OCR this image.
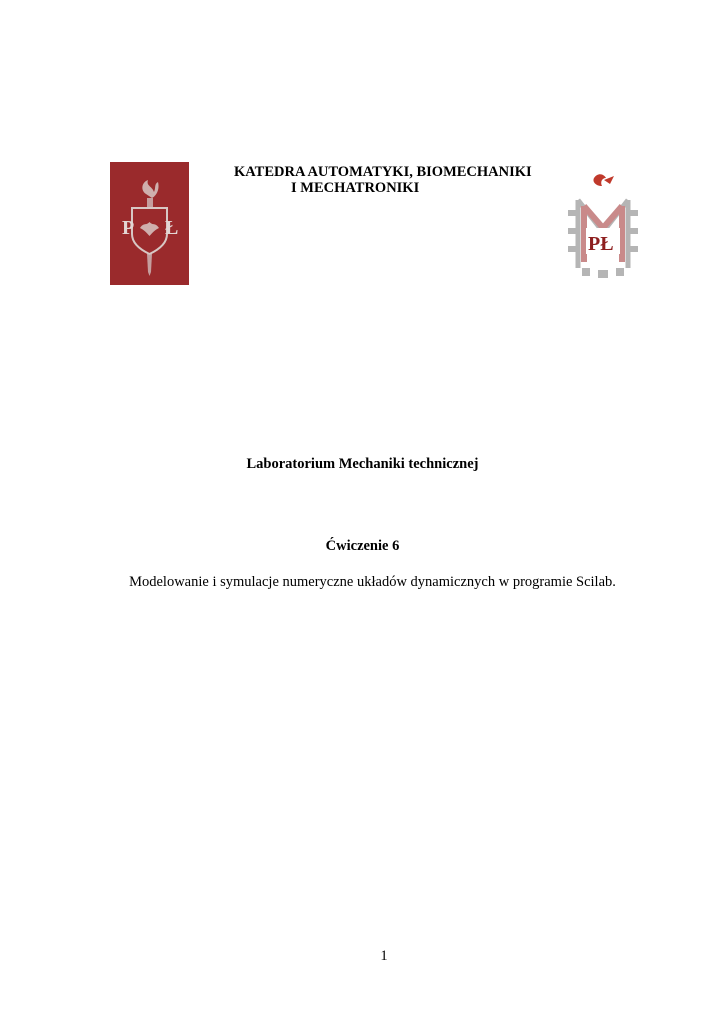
P Ł
KATEDRA AUTOMATYKI, BIOMECHANIKI
I MECHATRONIKI
PŁ
Laboratorium Mechaniki technicznej
Ćwiczenie 6
Modelowanie i symulacje numeryczne układów dynamicznych w programie Scilab.
1
